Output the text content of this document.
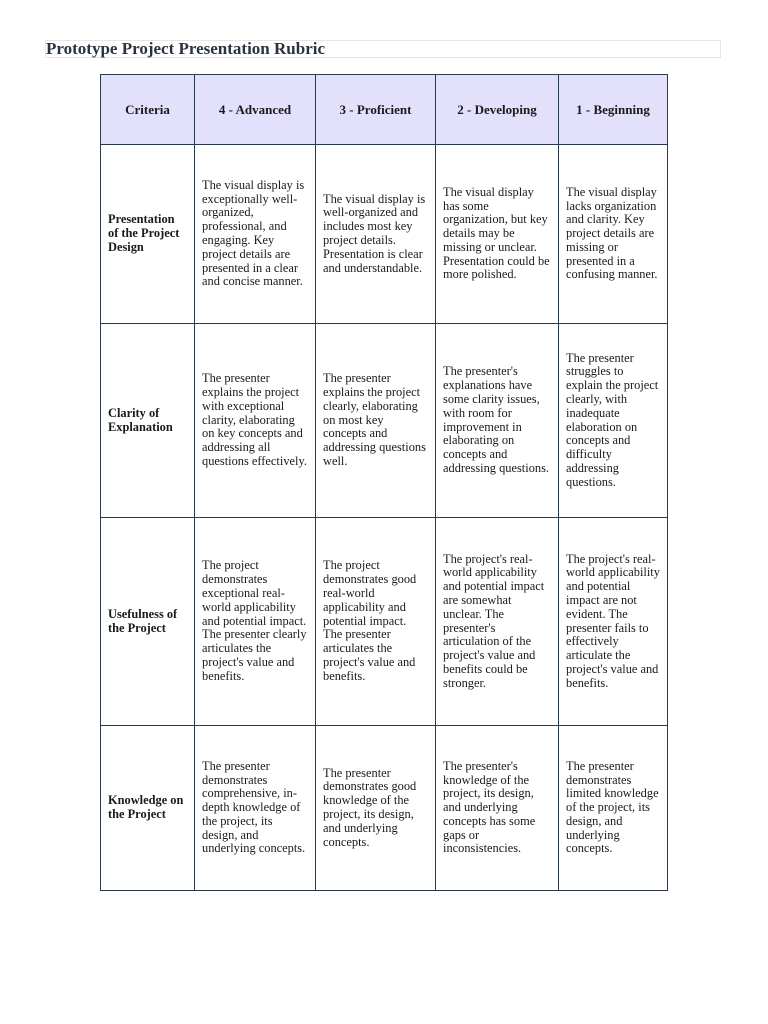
Prototype Project Presentation Rubric
Criteria	4 - Advanced	3 - Proficient	2 - Developing	1 - Beginning
Presentation of the Project Design	The visual display is exceptionally well-organized, professional, and engaging. Key project details are presented in a clear and concise manner.	The visual display is well-organized and includes most key project details. Presentation is clear and understandable.	The visual display has some organization, but key details may be missing or unclear. Presentation could be more polished.	The visual display lacks organization and clarity. Key project details are missing or presented in a confusing manner.
Clarity of Explanation	The presenter explains the project with exceptional clarity, elaborating on key concepts and addressing all questions effectively.	The presenter explains the project clearly, elaborating on most key concepts and addressing questions well.	The presenter's explanations have some clarity issues, with room for improvement in elaborating on concepts and addressing questions.	The presenter struggles to explain the project clearly, with inadequate elaboration on concepts and difficulty addressing questions.
Usefulness of the Project	The project demonstrates exceptional real-world applicability and potential impact. The presenter clearly articulates the project's value and benefits.	The project demonstrates good real-world applicability and potential impact. The presenter articulates the project's value and benefits.	The project's real-world applicability and potential impact are somewhat unclear. The presenter's articulation of the project's value and benefits could be stronger.	The project's real-world applicability and potential impact are not evident. The presenter fails to effectively articulate the project's value and benefits.
Knowledge on the Project	The presenter demonstrates comprehensive, in-depth knowledge of the project, its design, and underlying concepts.	The presenter demonstrates good knowledge of the project, its design, and underlying concepts.	The presenter's knowledge of the project, its design, and underlying concepts has some gaps or inconsistencies.	The presenter demonstrates limited knowledge of the project, its design, and underlying concepts.
